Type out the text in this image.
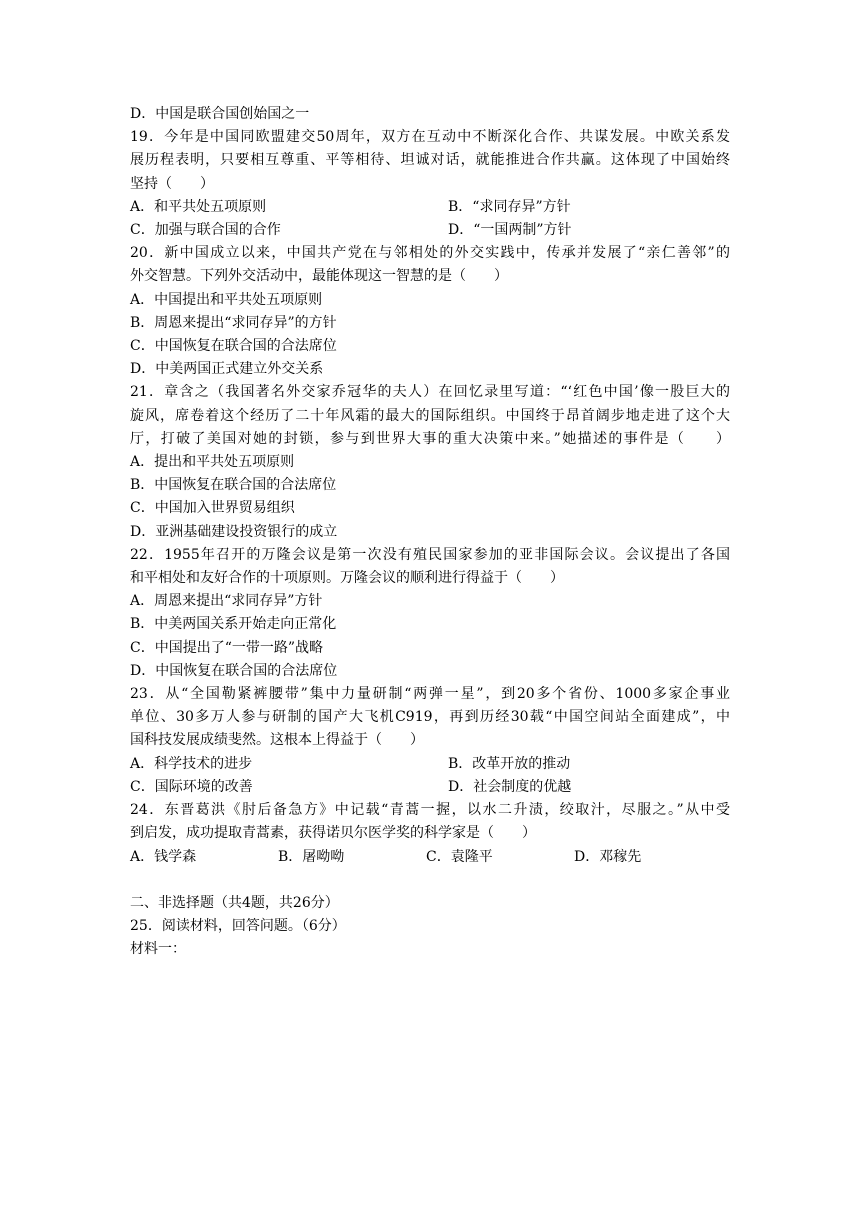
D．中国是联合国创始国之一
19．今年是中国同欧盟建交50周年，双方在互动中不断深化合作、共谋发展。中欧关系发
展历程表明，只要相互尊重、平等相待、坦诚对话，就能推进合作共赢。这体现了中国始终
坚持（　　）
A．和平共处五项原则	B．“求同存异”方针
C．加强与联合国的合作	D．“一国两制”方针
20．新中国成立以来，中国共产党在与邻相处的外交实践中，传承并发展了“亲仁善邻”的
外交智慧。下列外交活动中，最能体现这一智慧的是（　　）
A．中国提出和平共处五项原则
B．周恩来提出“求同存异”的方针
C．中国恢复在联合国的合法席位
D．中美两国正式建立外交关系
21．章含之（我国著名外交家乔冠华的夫人）在回忆录里写道：“‘红色中国’像一股巨大的
旋风，席卷着这个经历了二十年风霜的最大的国际组织。中国终于昂首阔步地走进了这个大
厅，打破了美国对她的封锁，参与到世界大事的重大决策中来。”她描述的事件是（　　）
A．提出和平共处五项原则
B．中国恢复在联合国的合法席位
C．中国加入世界贸易组织
D．亚洲基础建设投资银行的成立
22．1955年召开的万隆会议是第一次没有殖民国家参加的亚非国际会议。会议提出了各国
和平相处和友好合作的十项原则。万隆会议的顺利进行得益于（　　）
A．周恩来提出“求同存异”方针
B．中美两国关系开始走向正常化
C．中国提出了“一带一路”战略
D．中国恢复在联合国的合法席位
23．从“全国勒紧裤腰带”集中力量研制“两弹一星”，到20多个省份、1000多家企事业
单位、30多万人参与研制的国产大飞机C919，再到历经30载“中国空间站全面建成”，中
国科技发展成绩斐然。这根本上得益于（　　）
A．科学技术的进步	B．改革开放的推动
C．国际环境的改善	D．社会制度的优越
24．东晋葛洪《肘后备急方》中记载“青蒿一握，以水二升渍，绞取汁，尽服之。”从中受
到启发，成功提取青蒿素，获得诺贝尔医学奖的科学家是（　　）
A．钱学森	B．屠呦呦	C．袁隆平	D．邓稼先
二、非选择题（共4题，共26分）
25．阅读材料，回答问题。（6分）
材料一：
